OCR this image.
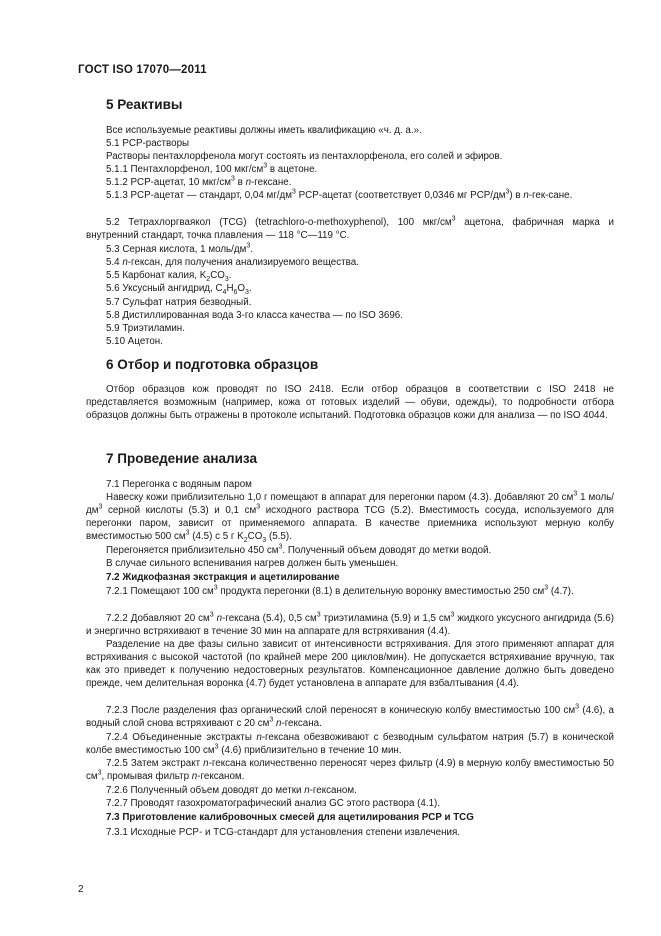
ГОСТ ISO 17070—2011
5 Реактивы

Все используемые реактивы должны иметь квалификацию «ч. д. а.».

5.1 PCP-растворы

Растворы пентахлорфенола могут состоять из пентахлорфенола, его солей и эфиров.

5.1.1 Пентахлорфенол, 100 мкг/$см^3$ в ацетоне.

5.1.2 PCP-ацетат, 10 мкг/$см^3$ в n-гексане.

5.1.3 PCP-ацетат — стандарт, 0,04 $мг/дм^3$ PCP-ацетат (соответствует 0,0346 мг PCP/$дм^3$) в n-гек-сане.

5.2 Тетрахлоргваякол (TCG) (tetrachloro-o-methoxyphenol), 100 мкг/$см^3$ ацетона, фабричная марка и внутренний стандарт, точка плавления — 118 °C—119 °C.

5.3 Серная кислота, 1 моль/$дм^3$.

5.4 n-гексан, для получения анализируемого вещества.

5.5 Карбонат калия, $K_2CO_3$.

5.6 Уксусный ангидрид, $C_4H_6O_3$.

5.7 Сульфат натрия безводный.

5.8 Дистиллированная вода 3-го класса качества — по ISO 3696.

5.9 Триэтиламин.

5.10 Ацетон.

6 Отбор и подготовка образцов

Отбор образцов кож проводят по ISO 2418. Если отбор образцов в соответствии с ISO 2418 не представляется возможным (например, кожа от готовых изделий — обуви, одежды), то подробности отбора образцов должны быть отражены в протоколе испытаний. Подготовка образцов кожи для анализа — по ISO 4044.

7 Проведение анализа

7.1 Перегонка с водяным паром

Навеску кожи приблизительно 1,0 г помещают в аппарат для перегонки паром (4.3). Добавляют 20 $см^3$ 1 моль/$дм^3$ серной кислоты (5.3) и 0,1 $см^3$ исходного раствора TCG (5.2). Вместимость сосуда, используемого для перегонки паром, зависит от применяемого аппарата. В качестве приемника используют мерную колбу вместимостью 500 $см^3$ (4.5) с 5 г $K_2CO_3$ (5.5).

Перегоняется приблизительно 450 $см^3$. Полученный объем доводят до метки водой.

В случае сильного вспенивания нагрев должен быть уменьшен.

7.2 Жидкофазная экстракция и ацетилирование

7.2.1 Помещают 100 $см^3$ продукта перегонки (8.1) в делительную воронку вместимостью 250 $см^3$ (4.7).

7.2.2 Добавляют 20 $см^3$ n-гексана (5.4), 0,5 $см^3$ триэтиламина (5.9) и 1,5 $см^3$ жидкого уксусного ангидрида (5.6) и энергично встряхивают в течение 30 мин на аппарате для встряхивания (4.4).

Разделение на две фазы сильно зависит от интенсивности встряхивания. Для этого применяют аппарат для встряхивания с высокой частотой (по крайней мере 200 циклов/мин). Не допускается встряхивание вручную, так как это приведет к получению недостоверных результатов. Компенсационное давление должно быть доведено прежде, чем делительная воронка (4.7) будет установлена в аппарате для взбалтывания (4.4).

7.2.3 После разделения фаз органический слой переносят в коническую колбу вместимостью 100 $см^3$ (4.6), а водный слой снова встряхивают с 20 $см^3$ n-гексана.

7.2.4 Объединенные экстракты n-гексана обезвоживают с безводным сульфатом натрия (5.7) в конической колбе вместимостью 100 $см^3$ (4.6) приблизительно в течение 10 мин.

7.2.5 Затем экстракт n-гексана количественно переносят через фильтр (4.9) в мерную колбу вместимостью 50 $см^3$, промывая фильтр n-гексаном.

7.2.6 Полученный объем доводят до метки n-гексаном.

7.2.7 Проводят газохроматографический анализ GC этого раствора (4.1).

7.3 Приготовление калибровочных смесей для ацетилирования PCP и TCG

7.3.1 Исходные PCP- и TCG-стандарт для установления степени извлечения.

2
